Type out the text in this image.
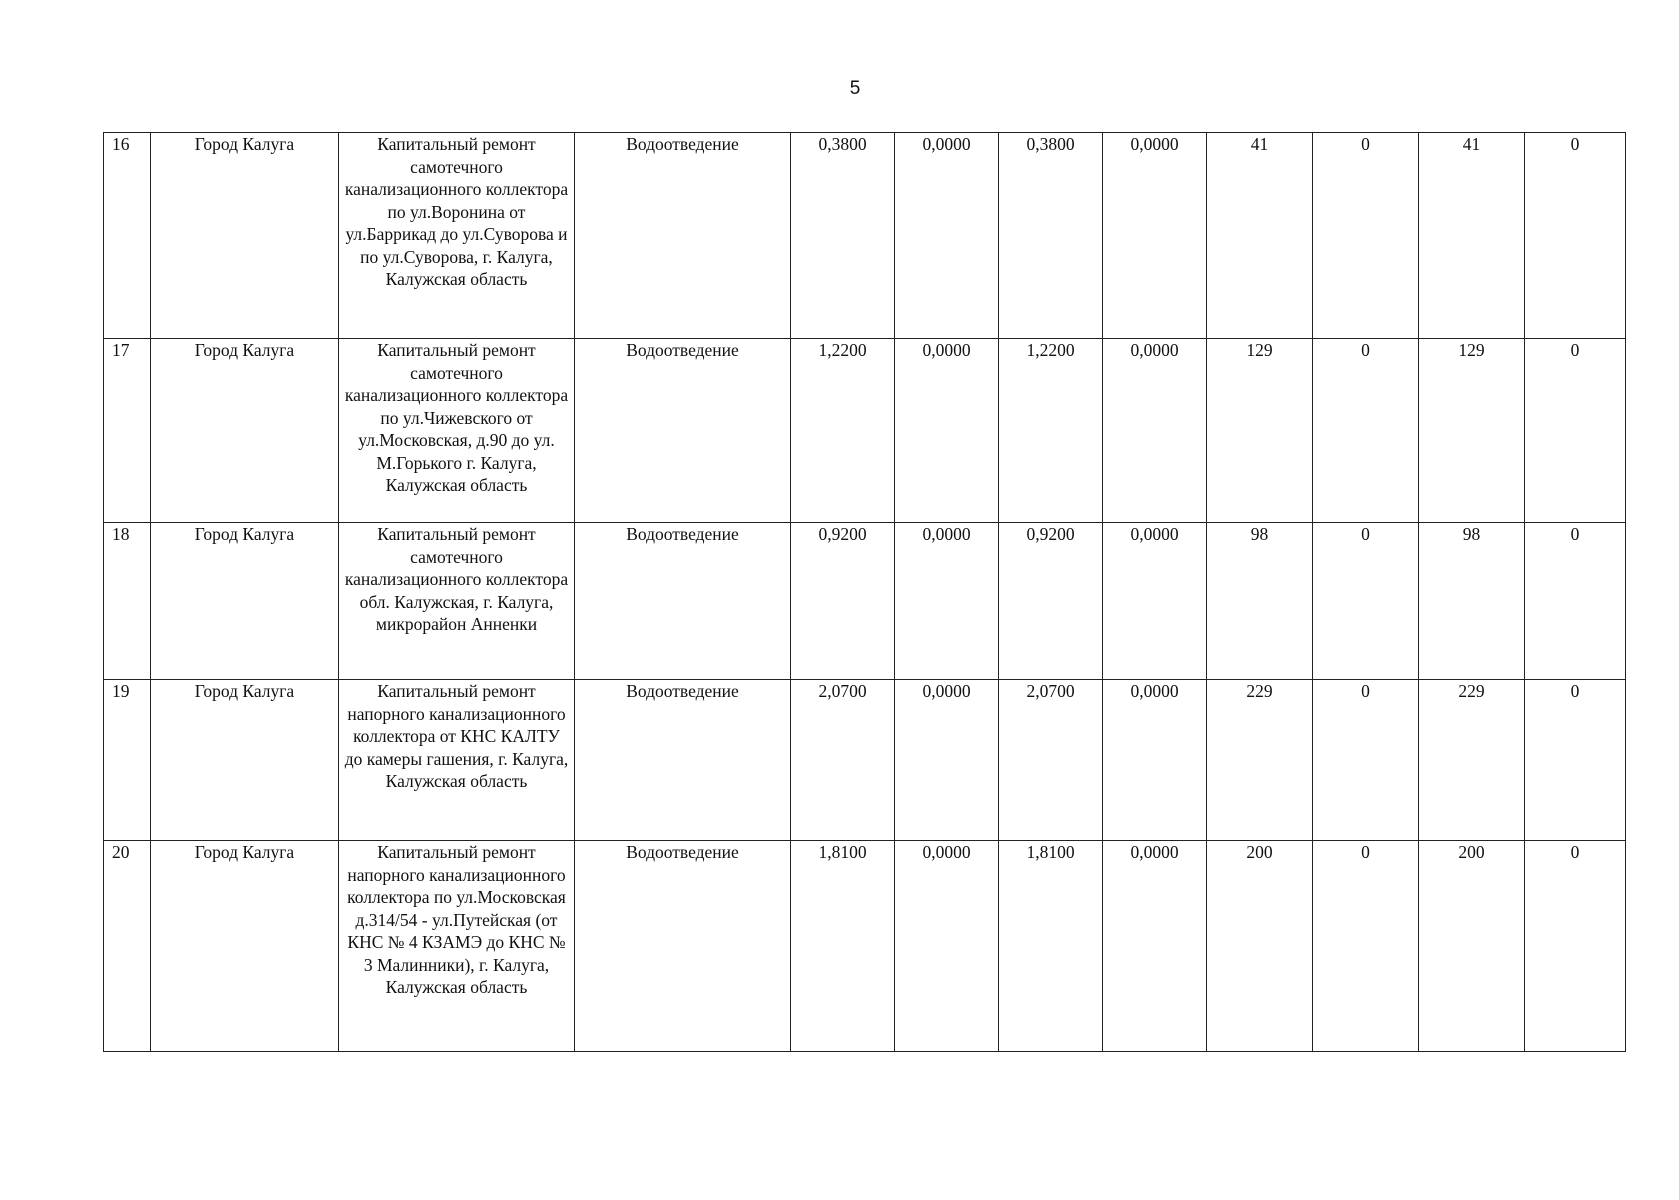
5
16	Город Калуга	Капитальный ремонт самотечного канализационного коллектора по ул.Воронина от ул.Баррикад до ул.Суворова и по ул.Суворова, г. Калуга, Калужская область	Водоотведение	0,3800	0,0000	0,3800	0,0000	41	0	41	0
17	Город Калуга	Капитальный ремонт самотечного канализационного коллектора по ул.Чижевского от ул.Московская, д.90 до ул. М.Горького г. Калуга, Калужская область	Водоотведение	1,2200	0,0000	1,2200	0,0000	129	0	129	0
18	Город Калуга	Капитальный ремонт самотечного канализационного коллектора обл. Калужская, г. Калуга, микрорайон Анненки	Водоотведение	0,9200	0,0000	0,9200	0,0000	98	0	98	0
19	Город Калуга	Капитальный ремонт напорного канализационного коллектора от КНС КАЛТУ до камеры гашения, г. Калуга, Калужская область	Водоотведение	2,0700	0,0000	2,0700	0,0000	229	0	229	0
20	Город Калуга	Капитальный ремонт напорного канализационного коллектора по ул.Московская д.314/54 - ул.Путейская (от КНС № 4 КЗАМЭ до КНС № 3 Малинники), г. Калуга, Калужская область	Водоотведение	1,8100	0,0000	1,8100	0,0000	200	0	200	0
